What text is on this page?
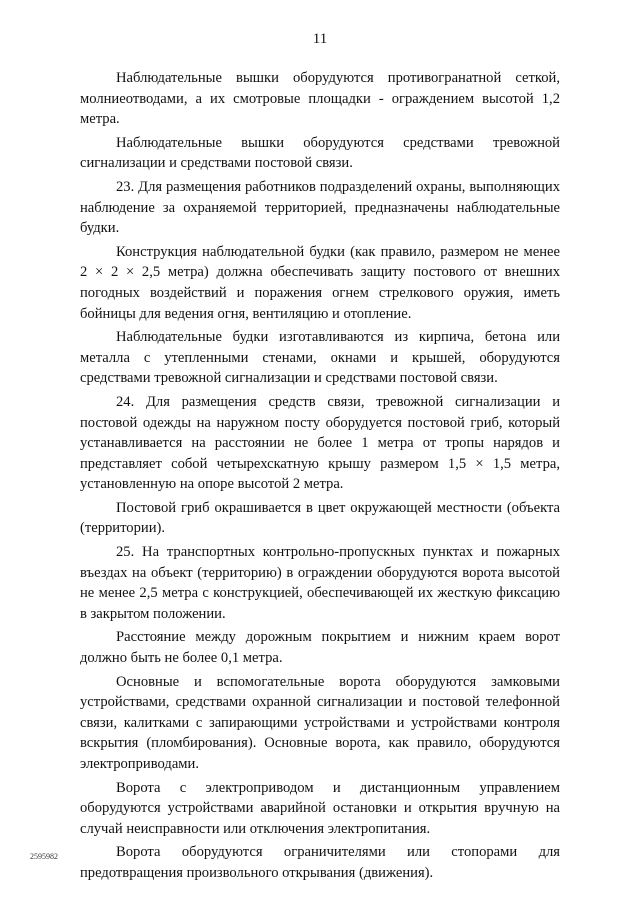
11

Наблюдательные вышки оборудуются противогранатной сеткой, молниеотводами, а их смотровые площадки - ограждением высотой 1,2 метра.

Наблюдательные вышки оборудуются средствами тревожной сигнализации и средствами постовой связи.

23. Для размещения работников подразделений охраны, выполняющих наблюдение за охраняемой территорией, предназначены наблюдательные будки.

Конструкция наблюдательной будки (как правило, размером не менее 2 × 2 × 2,5 метра) должна обеспечивать защиту постового от внешних погодных воздействий и поражения огнем стрелкового оружия, иметь бойницы для ведения огня, вентиляцию и отопление.

Наблюдательные будки изготавливаются из кирпича, бетона или металла с утепленными стенами, окнами и крышей, оборудуются средствами тревожной сигнализации и средствами постовой связи.

24. Для размещения средств связи, тревожной сигнализации и постовой одежды на наружном посту оборудуется постовой гриб, который устанавливается на расстоянии не более 1 метра от тропы нарядов и представляет собой четырехскатную крышу размером 1,5 × 1,5 метра, установленную на опоре высотой 2 метра.

Постовой гриб окрашивается в цвет окружающей местности (объекта (территории).

25. На транспортных контрольно-пропускных пунктах и пожарных въездах на объект (территорию) в ограждении оборудуются ворота высотой не менее 2,5 метра с конструкцией, обеспечивающей их жесткую фиксацию в закрытом положении.

Расстояние между дорожным покрытием и нижним краем ворот должно быть не более 0,1 метра.

Основные и вспомогательные ворота оборудуются замковыми устройствами, средствами охранной сигнализации и постовой телефонной связи, калитками с запирающими устройствами и устройствами контроля вскрытия (пломбирования). Основные ворота, как правило, оборудуются электроприводами.

Ворота с электроприводом и дистанционным управлением оборудуются устройствами аварийной остановки и открытия вручную на случай неисправности или отключения электропитания.

Ворота оборудуются ограничителями или стопорами для предотвращения произвольного открывания (движения).

2595982
